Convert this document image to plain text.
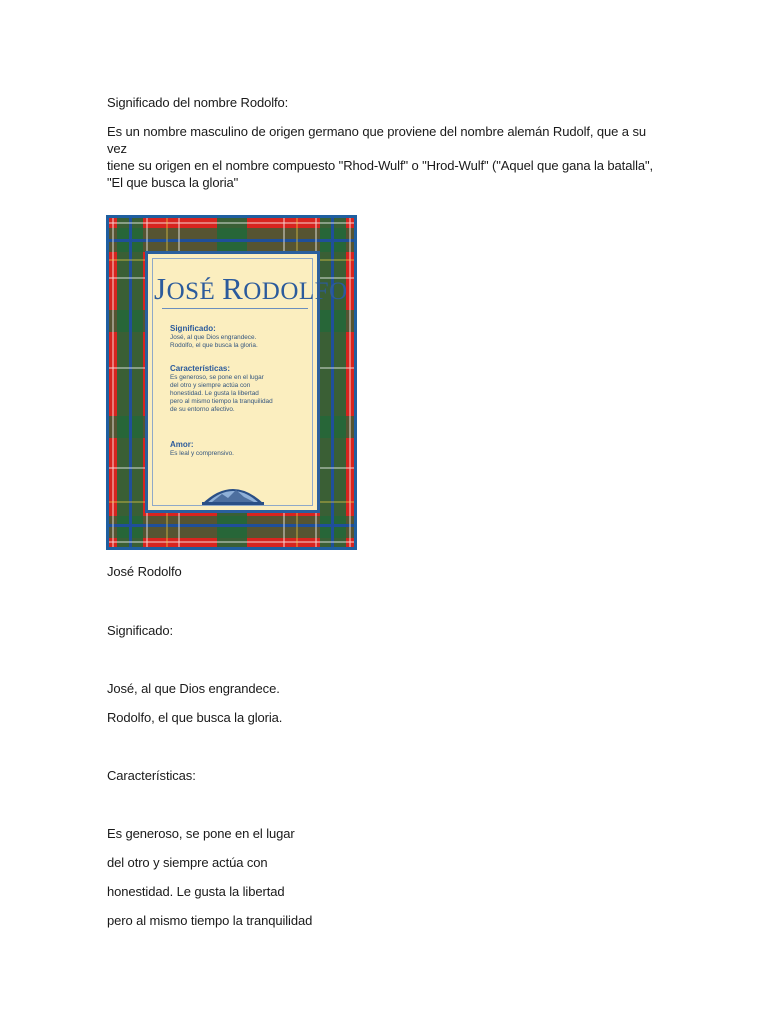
Significado del nombre Rodolfo:
Es un nombre masculino de origen germano que proviene del nombre alemán Rudolf, que a su vez
tiene su origen en el nombre compuesto "Rhod-Wulf" o "Hrod-Wulf" ("Aquel que gana la batalla",
"El que busca la gloria"
JOSÉ RODOLFO
Significado:
José, al que Dios engrandece.
Rodolfo, el que busca la gloria.
Características:
Es generoso, se pone en el lugar
del otro y siempre actúa con
honestidad. Le gusta la libertad
pero al mismo tiempo la tranquilidad
de su entorno afectivo.
Amor:
Es leal y comprensivo.
José Rodolfo
Significado:
José, al que Dios engrandece.
Rodolfo, el que busca la gloria.
Características:
Es generoso, se pone en el lugar
del otro y siempre actúa con
honestidad. Le gusta la libertad
pero al mismo tiempo la tranquilidad
